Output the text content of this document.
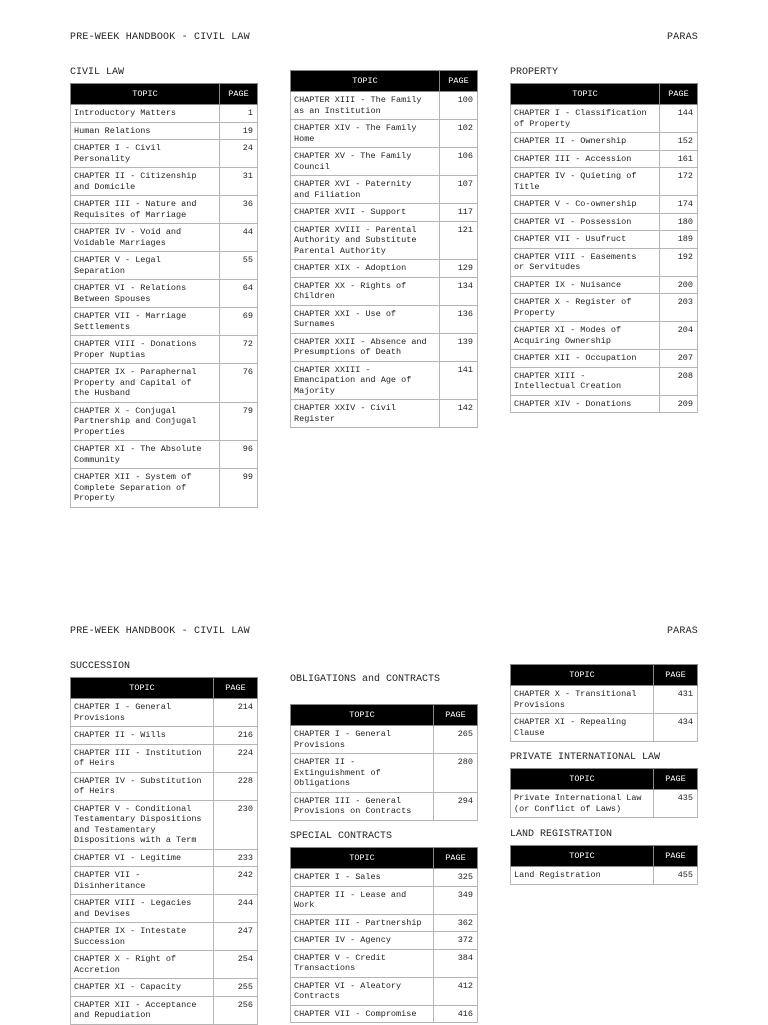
PRE-WEEK HANDBOOK - CIVIL LAW	PARAS
CIVIL LAW
TOPIC	PAGE
Introductory Matters	1
Human Relations	19
CHAPTER I - Civil
Personality	24
CHAPTER II - Citizenship
and Domicile	31
CHAPTER III - Nature and
Requisites of Marriage	36
CHAPTER IV - Void and
Voidable Marriages	44
CHAPTER V - Legal
Separation	55
CHAPTER VI - Relations
Between Spouses	64
CHAPTER VII - Marriage
Settlements	69
CHAPTER VIII - Donations
Proper Nuptias	72
CHAPTER IX - Paraphernal
Property and Capital of
the Husband	76
CHAPTER X - Conjugal
Partnership and Conjugal
Properties	79
CHAPTER XI - The Absolute
Community	96
CHAPTER XII - System of
Complete Separation of
Property	99
TOPIC	PAGE
CHAPTER XIII - The Family
as an Institution	100
CHAPTER XIV - The Family
Home	102
CHAPTER XV - The Family
Council	106
CHAPTER XVI - Paternity
and Filiation	107
CHAPTER XVII - Support	117
CHAPTER XVIII - Parental
Authority and Substitute
Parental Authority	121
CHAPTER XIX - Adoption	129
CHAPTER XX - Rights of
Children	134
CHAPTER XXI - Use of
Surnames	136
CHAPTER XXII - Absence and
Presumptions of Death	139
CHAPTER XXIII -
Emancipation and Age of
Majority	141
CHAPTER XXIV - Civil
Register	142
PROPERTY
TOPIC	PAGE
CHAPTER I - Classification
of Property	144
CHAPTER II - Ownership	152
CHAPTER III - Accession	161
CHAPTER IV - Quieting of
Title	172
CHAPTER V - Co-ownership	174
CHAPTER VI - Possession	180
CHAPTER VII - Usufruct	189
CHAPTER VIII - Easements
or Servitudes	192
CHAPTER IX - Nuisance	200
CHAPTER X - Register of
Property	203
CHAPTER XI - Modes of
Acquiring Ownership	204
CHAPTER XII - Occupation	207
CHAPTER XIII -
Intellectual Creation	208
CHAPTER XIV - Donations	209
PRE-WEEK HANDBOOK - CIVIL LAW	PARAS
SUCCESSION
TOPIC	PAGE
CHAPTER I - General
Provisions	214
CHAPTER II - Wills	216
CHAPTER III - Institution
of Heirs	224
CHAPTER IV - Substitution
of Heirs	228
CHAPTER V - Conditional
Testamentary Dispositions
and Testamentary
Dispositions with a Term	230
CHAPTER VI - Legitime	233
CHAPTER VII -
Disinheritance	242
CHAPTER VIII - Legacies
and Devises	244
CHAPTER IX - Intestate
Succession	247
CHAPTER X - Right of
Accretion	254
CHAPTER XI - Capacity	255
CHAPTER XII - Acceptance
and Repudiation	256
OBLIGATIONS and CONTRACTS
TOPIC	PAGE
CHAPTER I - General
Provisions	265
CHAPTER II -
Extinguishment of
Obligations	280
CHAPTER III - General
Provisions on Contracts	294
SPECIAL CONTRACTS
TOPIC	PAGE
CHAPTER I - Sales	325
CHAPTER II - Lease and
Work	349
CHAPTER III - Partnership	362
CHAPTER IV - Agency	372
CHAPTER V - Credit
Transactions	384
CHAPTER VI - Aleatory
Contracts	412
CHAPTER VII - Compromise	416
TOPIC	PAGE
CHAPTER X - Transitional
Provisions	431
CHAPTER XI - Repealing
Clause	434
PRIVATE INTERNATIONAL LAW
TOPIC	PAGE
Private International Law
(or Conflict of Laws)	435
LAND REGISTRATION
TOPIC	PAGE
Land Registration	455
